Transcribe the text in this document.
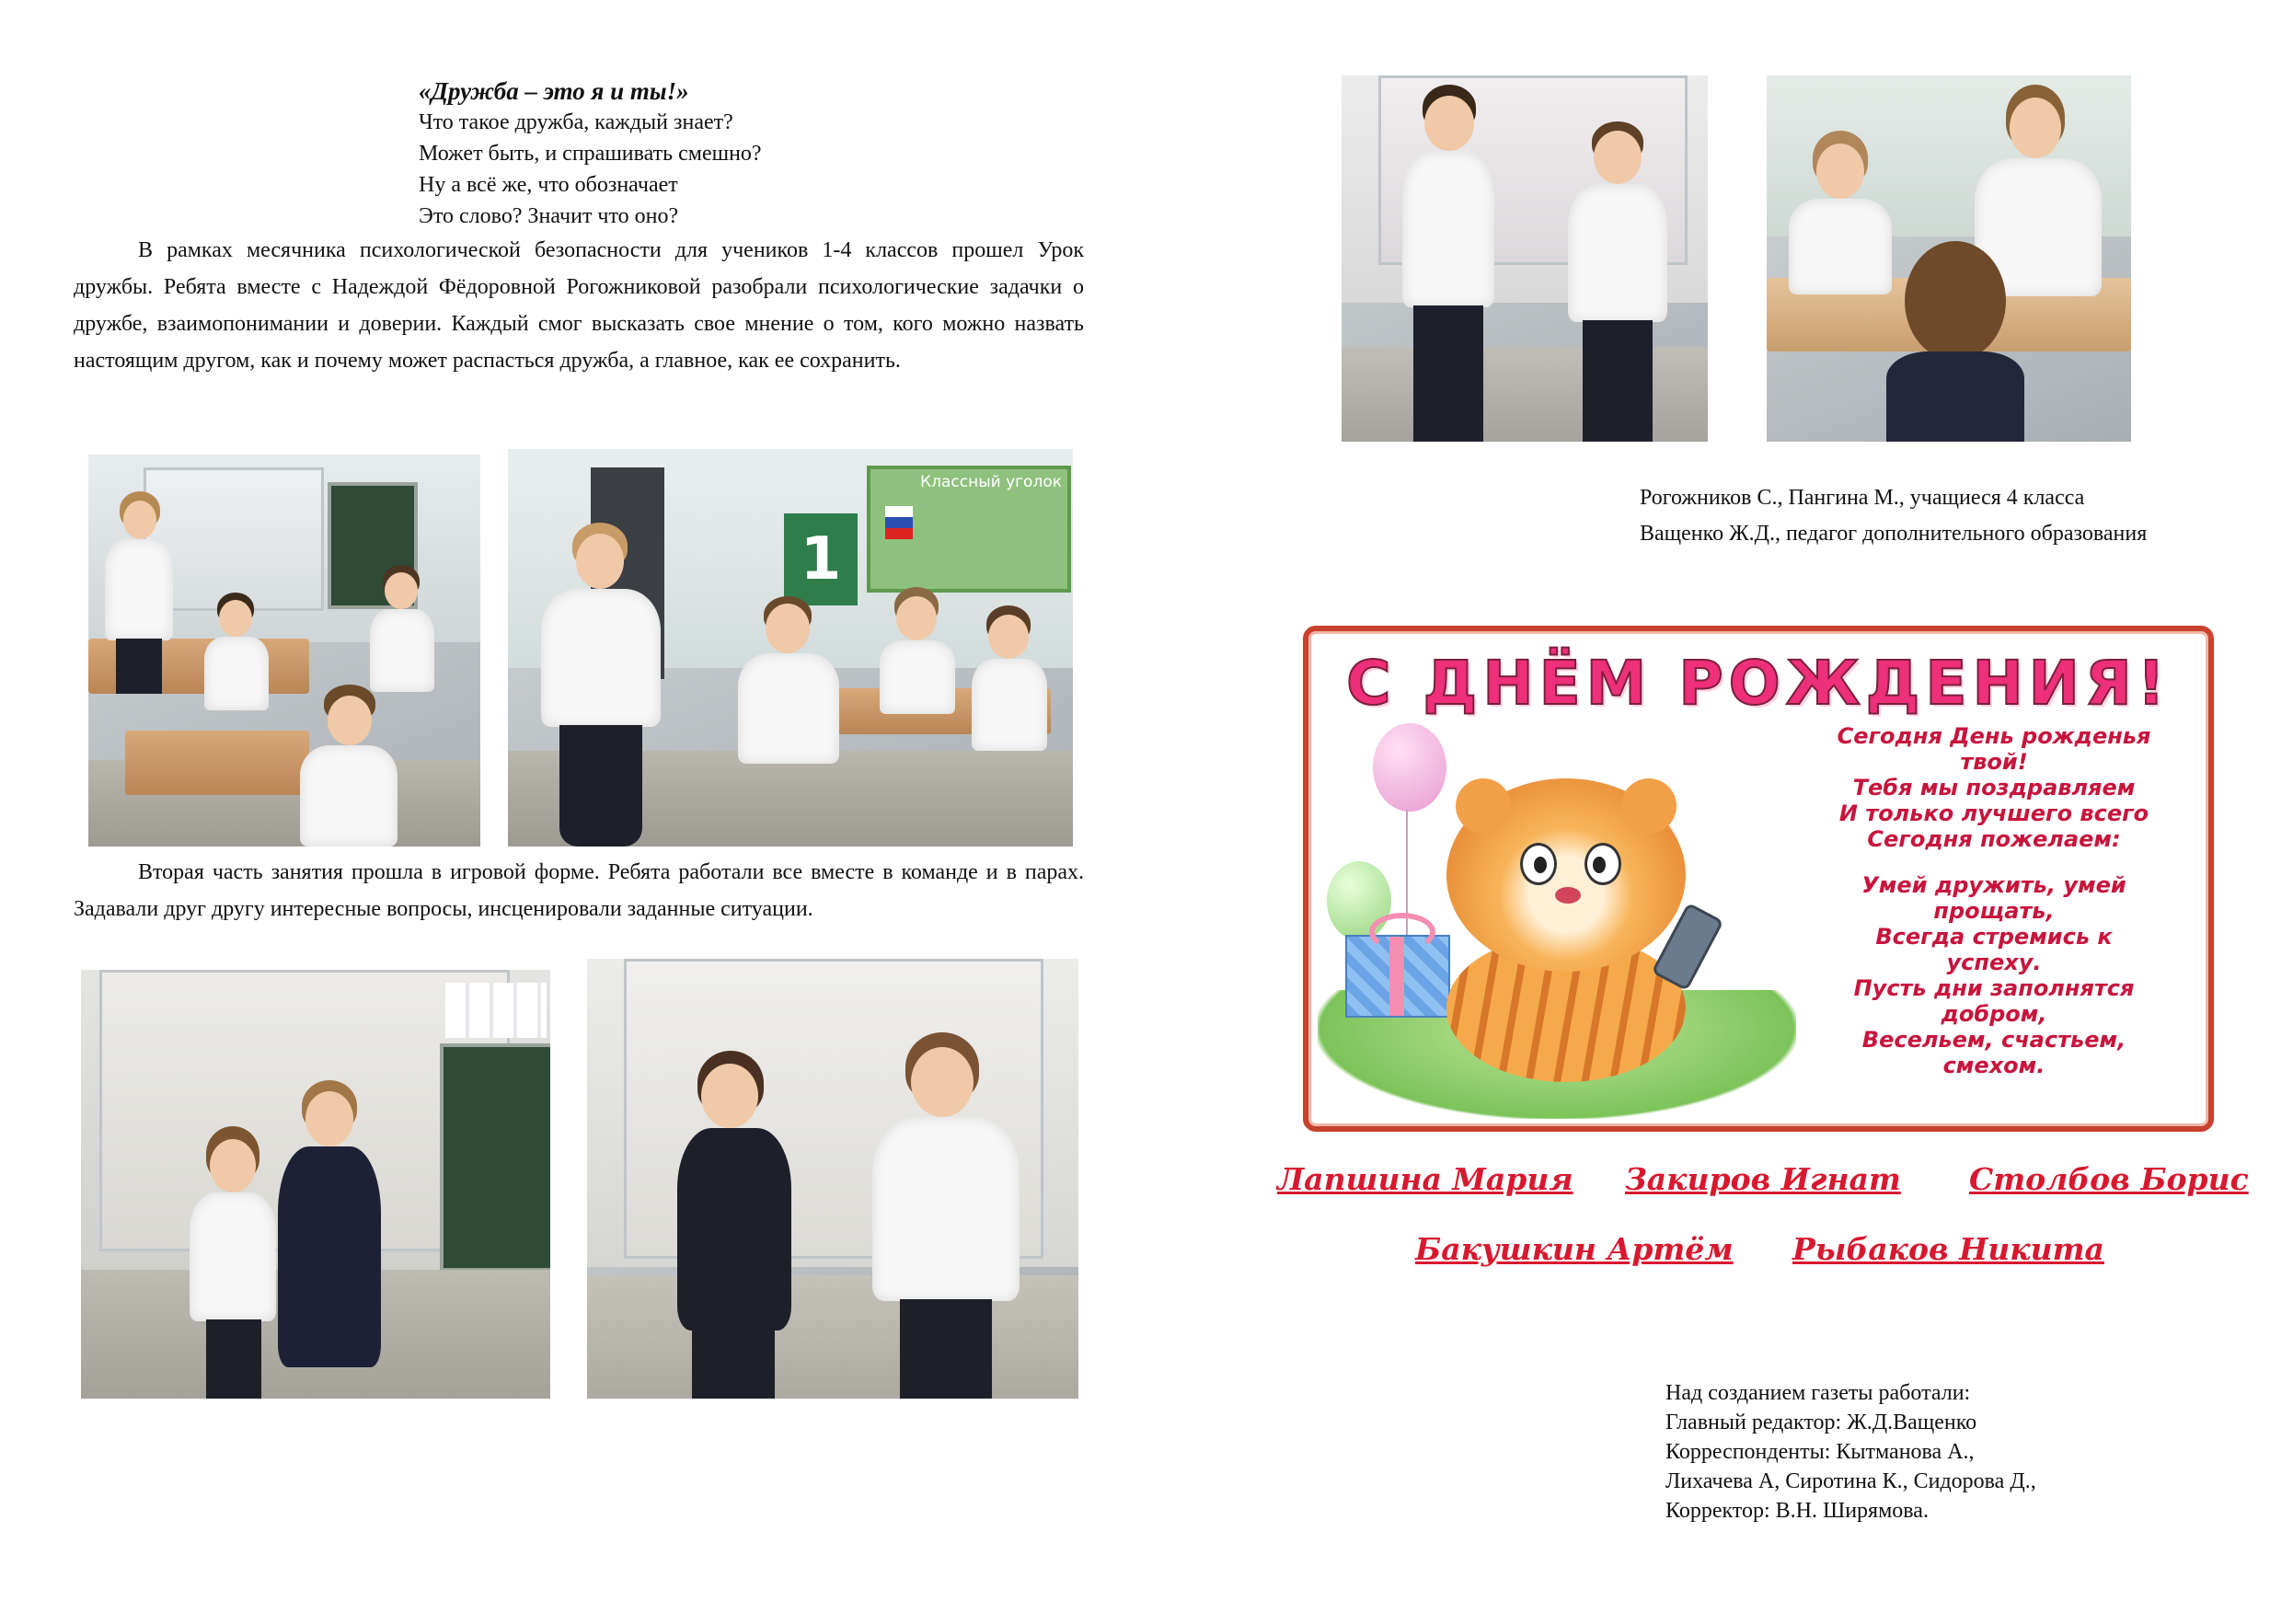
«Дружба – это я и ты!»
Что такое дружба, каждый знает?
Может быть, и спрашивать смешно?
Ну а всё же, что обозначает
Это слово? Значит что оно?
В рамках месячника психологической безопасности для учеников 1-4 классов прошел Урок дружбы. Ребята вместе с Надеждой Фёдоровной Рогожниковой разобрали психологические задачки о дружбе, взаимопонимании и доверии. Каждый смог высказать свое мнение о том, кого можно назвать настоящим другом, как и почему может распасться дружба, а главное, как ее сохранить.
Классный уголок
1
Вторая часть занятия прошла в игровой форме. Ребята работали все вместе в команде и в парах. Задавали друг другу интересные вопросы, инсценировали заданные ситуации.
Рогожников С., Пангина М., учащиеся 4 класса
Ващенко Ж.Д., педагог дополнительного образования
С ДНЁМ РОЖДЕНИЯ!

Сегодня День рожденья

твой!

Тебя мы поздравляем

И только лучшего всего

Сегодня пожелаем:

Умей дружить, умей

прощать,

Всегда стремись к

успеху.

Пусть дни заполнятся

добром,

Весельем, счастьем,

смехом.

Лапшина Мария Закиров Игнат Столбов Борис
Бакушкин Артём Рыбаков Никита
Над созданием газеты работали:
Главный редактор: Ж.Д.Ващенко
Корреспонденты: Кытманова А.,
Лихачева А, Сиротина К., Сидорова Д.,
Корректор: В.Н. Ширямова.
